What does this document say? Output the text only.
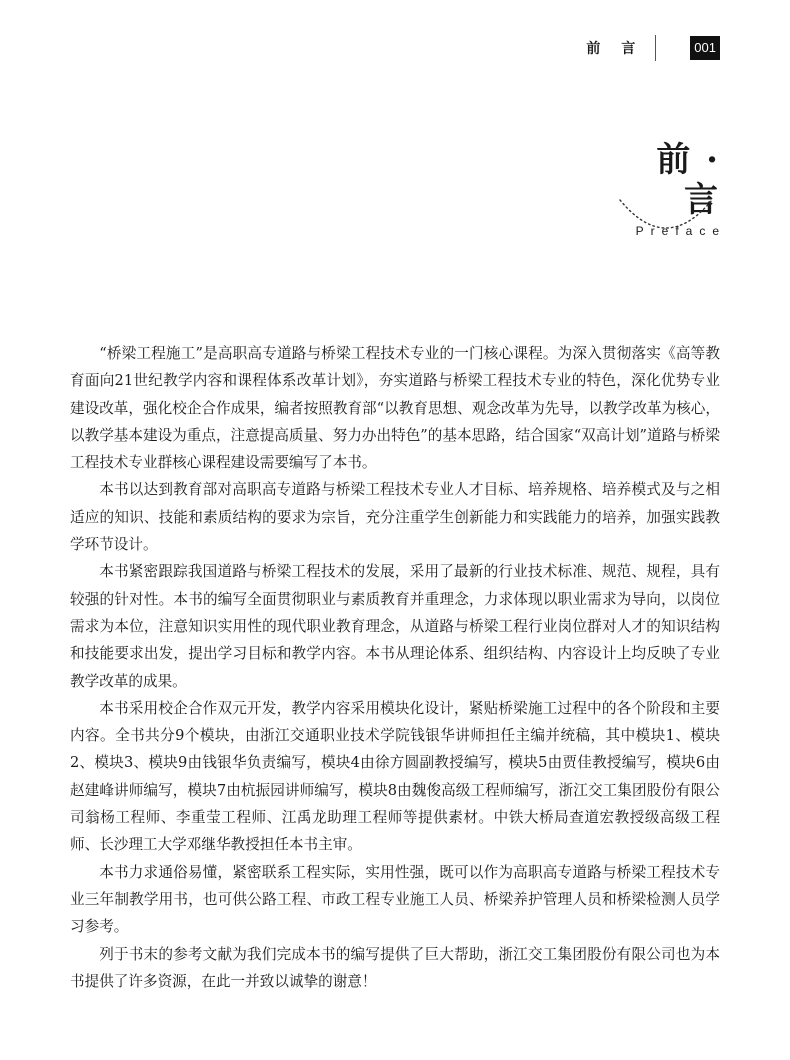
前 言	001
前 · 言
Preface

“桥梁工程施工”是高职高专道路与桥梁工程技术专业的一门核心课程。为深入贯彻落实《高等教育面向21世纪教学内容和课程体系改革计划》，夯实道路与桥梁工程技术专业的特色，深化优势专业建设改革，强化校企合作成果，编者按照教育部“以教育思想、观念改革为先导，以教学改革为核心，以教学基本建设为重点，注意提高质量、努力办出特色”的基本思路，结合国家“双高计划”道路与桥梁工程技术专业群核心课程建设需要编写了本书。

本书以达到教育部对高职高专道路与桥梁工程技术专业人才目标、培养规格、培养模式及与之相适应的知识、技能和素质结构的要求为宗旨，充分注重学生创新能力和实践能力的培养，加强实践教学环节设计。

本书紧密跟踪我国道路与桥梁工程技术的发展，采用了最新的行业技术标准、规范、规程，具有较强的针对性。本书的编写全面贯彻职业与素质教育并重理念，力求体现以职业需求为导向，以岗位需求为本位，注意知识实用性的现代职业教育理念，从道路与桥梁工程行业岗位群对人才的知识结构和技能要求出发，提出学习目标和教学内容。本书从理论体系、组织结构、内容设计上均反映了专业教学改革的成果。

本书采用校企合作双元开发，教学内容采用模块化设计，紧贴桥梁施工过程中的各个阶段和主要内容。全书共分9个模块，由浙江交通职业技术学院钱银华讲师担任主编并统稿，其中模块1、模块2、模块3、模块9由钱银华负责编写，模块4由徐方圆副教授编写，模块5由贾佳教授编写，模块6由赵建峰讲师编写，模块7由杭振园讲师编写，模块8由魏俊高级工程师编写，浙江交工集团股份有限公司翁杨工程师、李重莹工程师、江禹龙助理工程师等提供素材。中铁大桥局查道宏教授级高级工程师、长沙理工大学邓继华教授担任本书主审。

本书力求通俗易懂，紧密联系工程实际，实用性强，既可以作为高职高专道路与桥梁工程技术专业三年制教学用书，也可供公路工程、市政工程专业施工人员、桥梁养护管理人员和桥梁检测人员学习参考。

列于书末的参考文献为我们完成本书的编写提供了巨大帮助，浙江交工集团股份有限公司也为本书提供了许多资源，在此一并致以诚挚的谢意！
